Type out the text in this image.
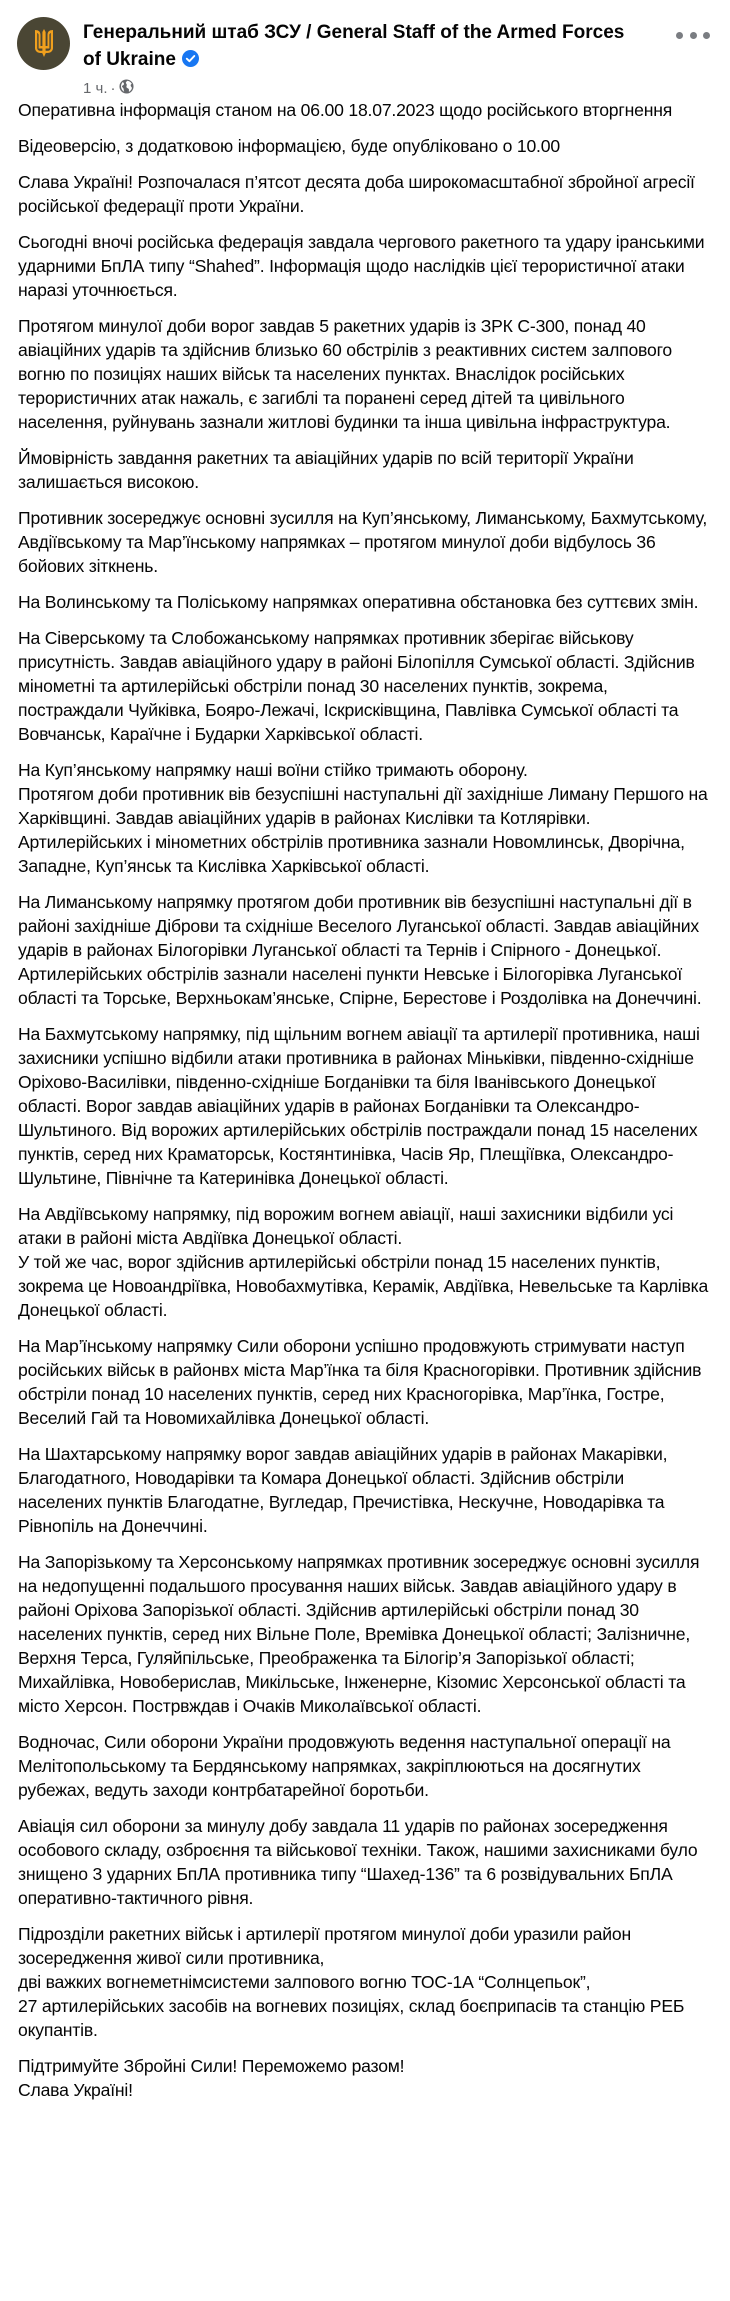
Генеральний штаб ЗСУ / General Staff of the Armed Forces of Ukraine
1 ч. ·

Оперативна інформація станом на 06.00 18.07.2023 щодо російського вторгнення

Відеоверсію, з додатковою інформацією, буде опубліковано о 10.00

Слава Україні! Розпочалася п’ятсот десята доба широкомасштабної збройної агресії російської федерації проти України.

Сьогодні вночі російська федерація завдала чергового ракетного та удару іранськими ударними БпЛА типу “Shahed”. Інформація щодо наслідків цієї терористичної атаки наразі уточнюється.

Протягом минулої доби ворог завдав 5 ракетних ударів із ЗРК С-300, понад 40 авіаційних ударів та здійснив близько 60 обстрілів з реактивних систем залпового вогню по позиціях наших військ та населених пунктах. Внаслідок російських терористичних атак нажаль, є загиблі та поранені серед дітей та цивільного населення, руйнувань зазнали житлові будинки та інша цивільна інфраструктура.

Ймовірність завдання ракетних та авіаційних ударів по всій території України залишається високою.

Противник зосереджує основні зусилля на Куп’янському, Лиманському, Бахмутському, Авдіївському та Мар’їнському напрямках – протягом минулої доби відбулось 36 бойових зіткнень.

На Волинському та Поліському напрямках оперативна обстановка без суттєвих змін.

На Сіверському та Слобожанському напрямках противник зберігає військову присутність. Завдав авіаційного удару в районі Білопілля Сумської області. Здійснив мінометні та артилерійські обстріли понад 30 населених пунктів, зокрема, постраждали Чуйківка, Бояро-Лежачі, Іскрисківщина, Павлівка Сумської області та Вовчанськ, Караїчне і Бударки Харківської області.

На Куп’янському напрямку наші воїни стійко тримають оборону.
Протягом доби противник вів безуспішні наступальні дії західніше Лиману Першого на Харківщині. Завдав авіаційних ударів в районах Кислівки та Котлярівки. Артилерійських і мінометних обстрілів противника зазнали Новомлинськ, Дворічна, Западне, Куп’янськ та Кислівка Харківської області.

На Лиманському напрямку протягом доби противник вів безуспішні наступальні дії в районі західніше Діброви та східніше Веселого Луганської області. Завдав авіаційних ударів в районах Білогорівки Луганської області та Тернів і Спірного - Донецької. Артилерійських обстрілів зазнали населені пункти Невське і Білогорівка Луганської області та Торське, Верхньокам’янське, Спірне, Берестове і Роздолівка на Донеччині.

На Бахмутському напрямку, під щільним вогнем авіації та артилерії противника, наші захисники успішно відбили атаки противника в районах Міньківки, південно-східніше Оріхово-Василівки, південно-східніше Богданівки та біля Іванівського Донецької області. Ворог завдав авіаційних ударів в районах Богданівки та Олександро-Шультиного. Від ворожих артилерійських обстрілів постраждали понад 15 населених пунктів, серед них Краматорськ, Костянтинівка, Часів Яр, Плещіївка, Олександро-Шультине, Північне та Катеринівка Донецької області.

На Авдіївському напрямку, під ворожим вогнем авіації, наші захисники відбили усі атаки в районі міста Авдіївка Донецької області.
У той же час, ворог здійснив артилерійські обстріли понад 15 населених пунктів, зокрема це Новоандріївка, Новобахмутівка, Керамік, Авдіївка, Невельське та Карлівка Донецької області.

На Мар’їнському напрямку Сили оборони успішно продовжують стримувати наступ російських військ в районвх міста Мар’їнка та біля Красногорівки. Противник здійснив обстріли понад 10 населених пунктів, серед них Красногорівка, Мар’їнка, Гостре, Веселий Гай та Новомихайлівка Донецької області.

На Шахтарському напрямку ворог завдав авіаційних ударів в районах Макарівки, Благодатного, Новодарівки та Комара Донецької області. Здійснив обстріли населених пунктів Благодатне, Вугледар, Пречистівка, Нескучне, Новодарівка та Рівнопіль на Донеччині.

На Запорізькому та Херсонському напрямках противник зосереджує основні зусилля на недопущенні подальшого просування наших військ. Завдав авіаційного удару в районі Оріхова Запорізької області. Здійснив артилерійські обстріли понад 30 населених пунктів, серед них Вільне Поле, Времівка Донецької області; Залізничне, Верхня Терса, Гуляйпільське, Преображенка та Білогір’я Запорізької області; Михайлівка, Новоберислав, Микільське, Інженерне, Кізомис Херсонської області та місто Херсон. Пострвждав і Очаків Миколаївської області.

Водночас, Сили оборони України продовжують ведення наступальної операції на Мелітопольському та Бердянському напрямках, закріплюються на досягнутих рубежах, ведуть заходи контрбатарейної боротьби.

Авіація сил оборони за минулу добу завдала 11 ударів по районах зосередження особового складу, озброєння та військової техніки. Також, нашими захисниками було знищено 3 ударних БпЛА противника типу “Шахед-136” та 6 розвідувальних БпЛА оперативно-тактичного рівня.

Підрозділи ракетних військ і артилерії протягом минулої доби уразили район зосередження живої сили противника,
дві важких вогнеметнімсистеми залпового вогню ТОС-1А “Солнцепьок”,
27 артилерійських засобів на вогневих позиціях, склад боєприпасів та станцію РЕБ окупантів.

Підтримуйте Збройні Сили! Переможемо разом!
Слава Україні!
